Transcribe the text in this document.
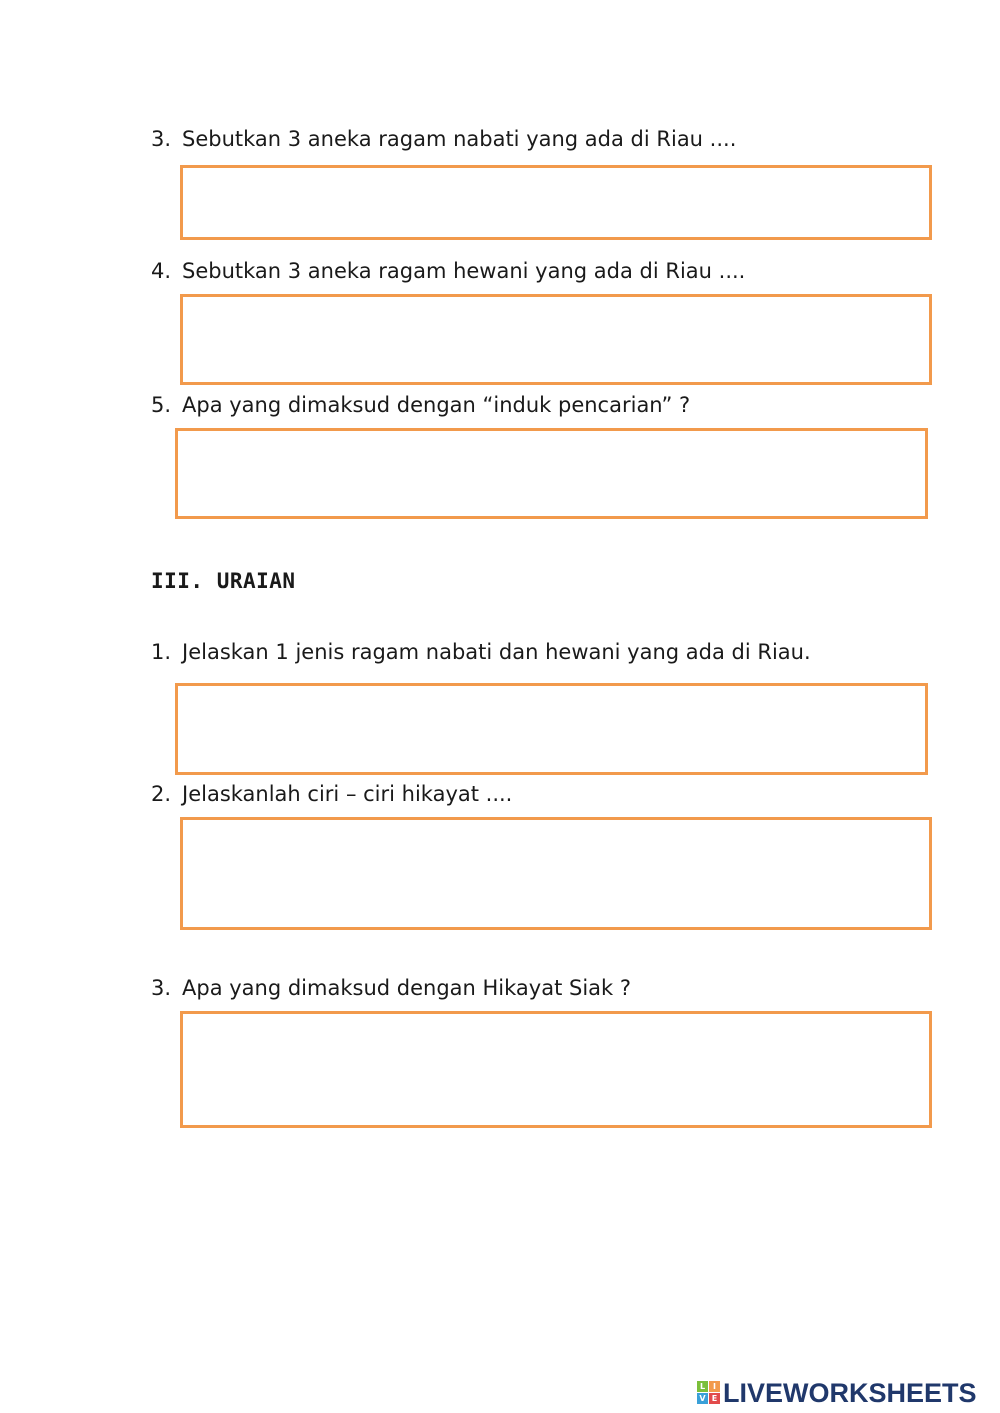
3. Sebutkan 3 aneka ragam nabati yang ada di Riau ....
4. Sebutkan 3 aneka ragam hewani yang ada di Riau ....
5. Apa yang dimaksud dengan “induk pencarian” ?
III. URAIAN
1. Jelaskan 1 jenis ragam nabati dan hewani yang ada di Riau.
2. Jelaskanlah ciri – ciri hikayat ....
3. Apa yang dimaksud dengan Hikayat Siak ?
L I
V E LIVEWORKSHEETS
